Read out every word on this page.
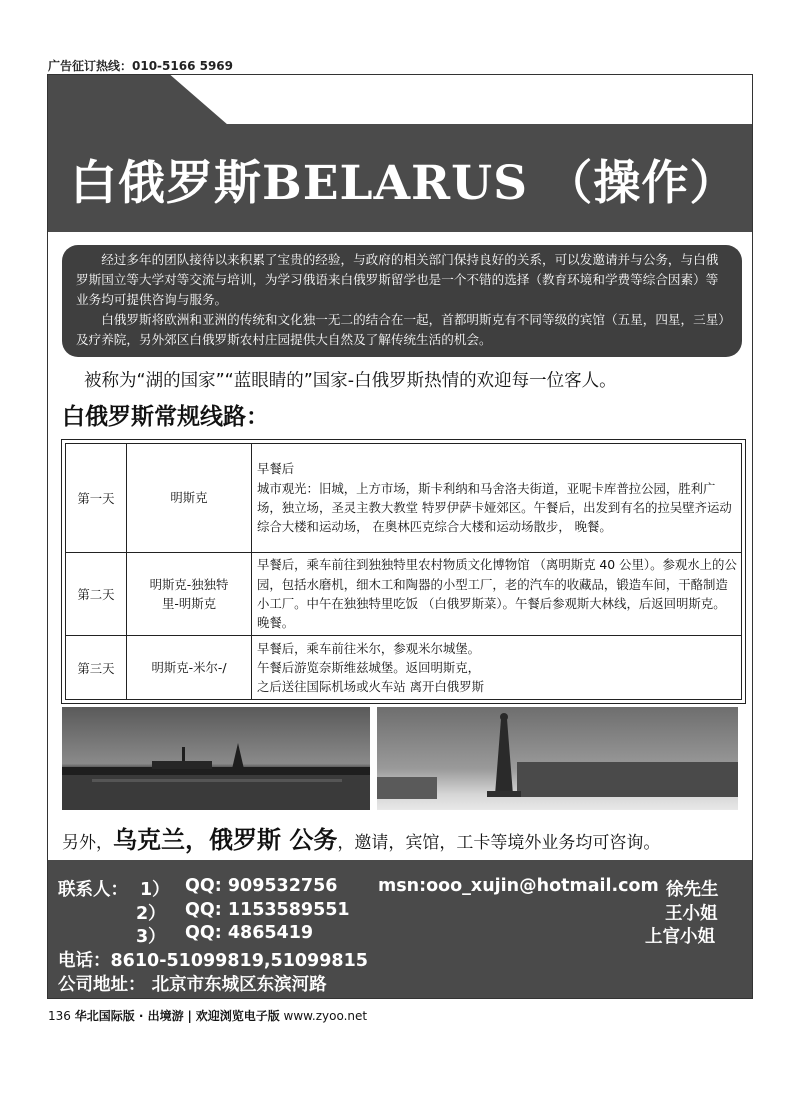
广告征订热线：010-5166 5969
白俄罗斯BELARUS （操作）

经过多年的团队接待以来积累了宝贵的经验，与政府的相关部门保持良好的关系，可以发邀请并与公务，与白俄罗斯国立等大学对等交流与培训，为学习俄语来白俄罗斯留学也是一个不错的选择（教育环境和学费等综合因素）等业务均可提供咨询与服务。

白俄罗斯将欧洲和亚洲的传统和文化独一无二的结合在一起，首都明斯克有不同等级的宾馆（五星，四星，三星）及疗养院，另外郊区白俄罗斯农村庄园提供大自然及了解传统生活的机会。

被称为“湖的国家”“蓝眼睛的”国家-白俄罗斯热情的欢迎每一位客人。
白俄罗斯常规线路：
第一天	明斯克	早餐后
城市观光：旧城，上方市场，斯卡利纳和马舍洛夫街道，亚呢卡库普拉公园，胜利广场，独立场，圣灵主教大教堂 特罗伊萨卡娅郊区。午餐后，出发到有名的拉吴壁齐运动综合大楼和运动场， 在奥林匹克综合大楼和运动场散步， 晚餐。

第二天	明斯克-独独特
里-明斯克	早餐后，乘车前往到独独特里农村物质文化博物馆 （离明斯克 40 公里）。参观水上的公园，包括水磨机，细木工和陶器的小型工厂，老的汽车的收藏品，锻造车间，干酪制造小工厂。中午在独独特里吃饭 （白俄罗斯菜）。午餐后参观斯大林线，后返回明斯克。晚餐。
第三天	明斯克-米尔-/	早餐后，乘车前往米尔，参观米尔城堡。
午餐后游览奈斯维兹城堡。返回明斯克，
之后送往国际机场或火车站 离开白俄罗斯
另外，乌克兰，俄罗斯 公务，邀请，宾馆，工卡等境外业务均可咨询。
联系人： 1） QQ: 909532756 msn:ooo_xujin@hotmail.com 徐先生
2） QQ: 1153589551	王小姐
3） QQ: 4865419	上官小姐
电话：8610-51099819,51099815
公司地址： 北京市东城区东滨河路
136 华北国际版 · 出境游 | 欢迎浏览电子版 www.zyoo.net
